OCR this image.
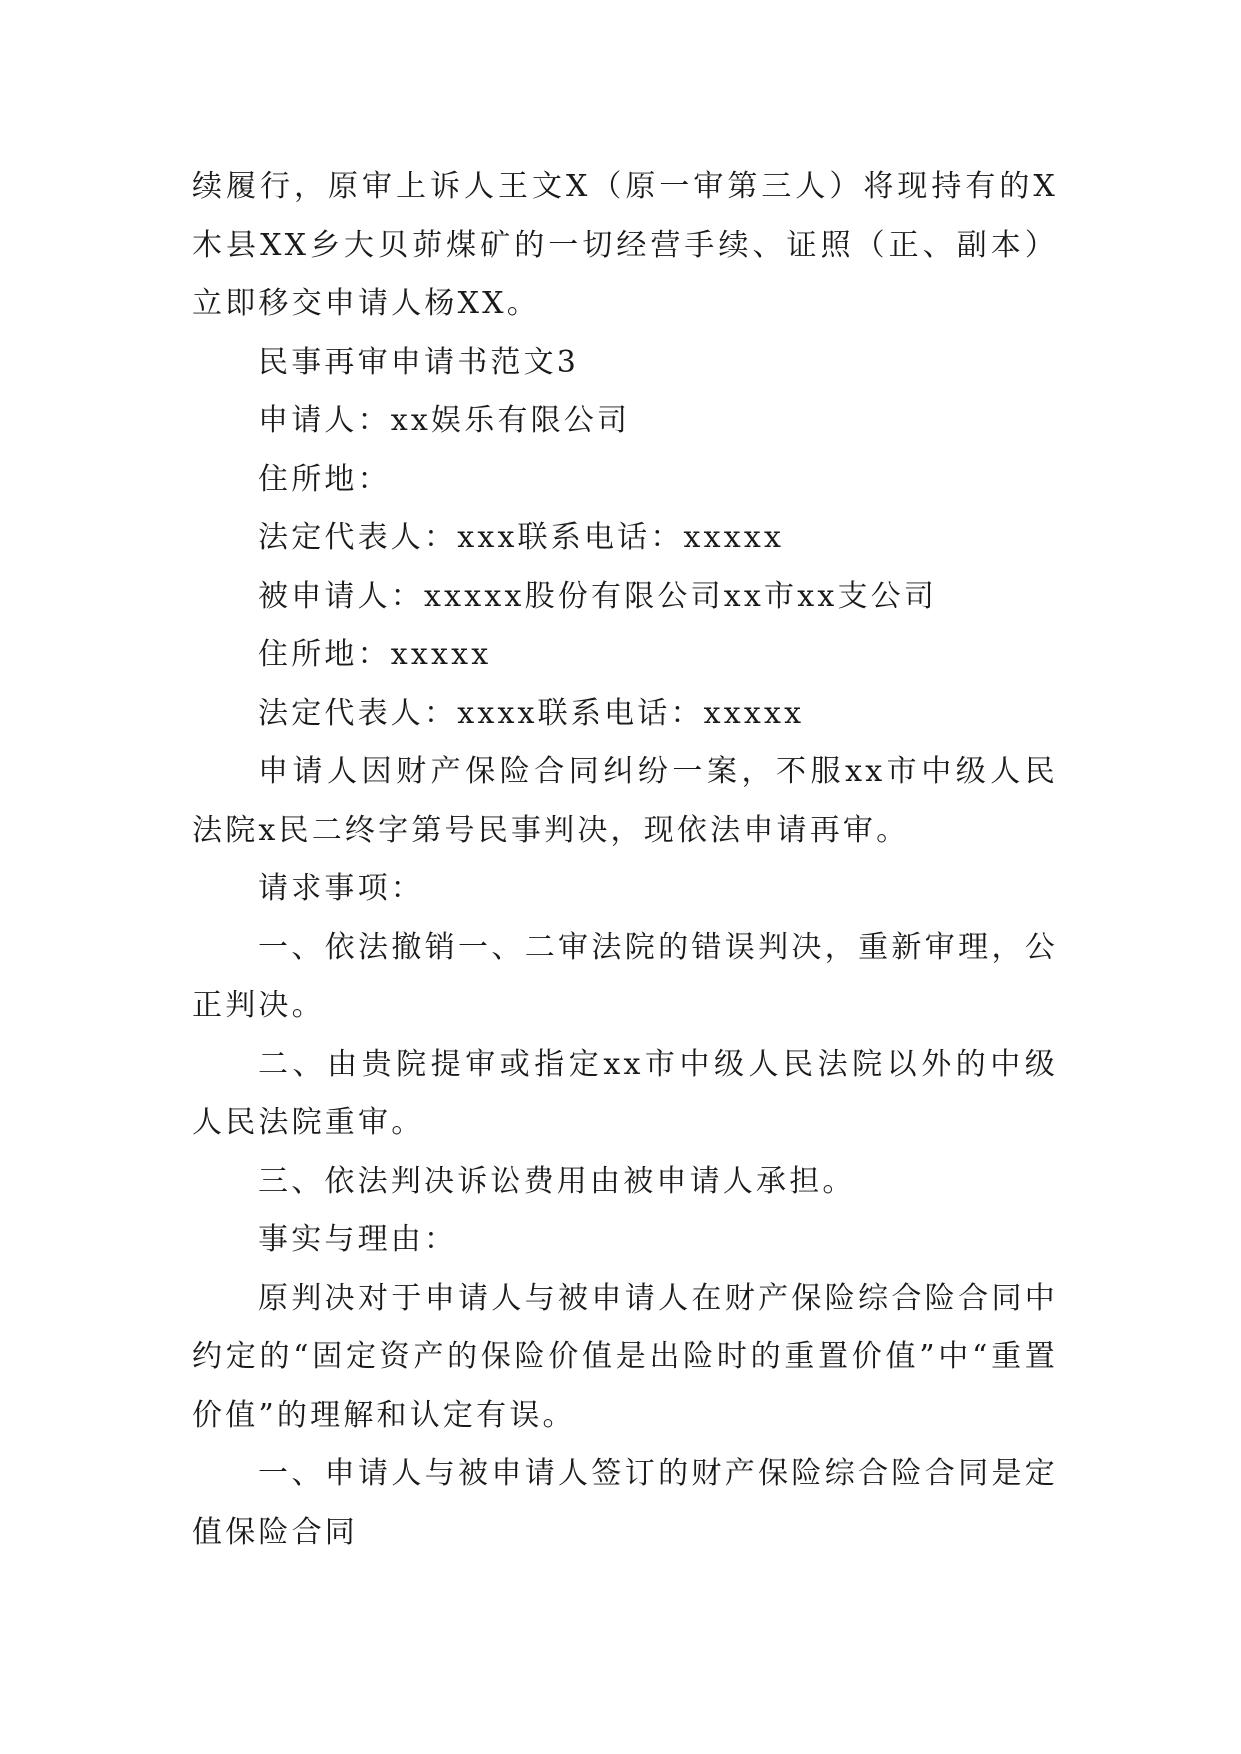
续履行，原审上诉人王文X（原一审第三人）将现持有的X木县XX乡大贝茆煤矿的一切经营手续、证照（正、副本）立即移交申请人杨XX。

民事再审申请书范文3

申请人：xx娱乐有限公司

住所地：

法定代表人：xxx联系电话：xxxxx

被申请人：xxxxx股份有限公司xx市xx支公司

住所地：xxxxx

法定代表人：xxxx联系电话：xxxxx

申请人因财产保险合同纠纷一案，不服xx市中级人民法院x民二终字第号民事判决，现依法申请再审。

请求事项：

一、依法撤销一、二审法院的错误判决，重新审理，公正判决。

二、由贵院提审或指定xx市中级人民法院以外的中级人民法院重审。

三、依法判决诉讼费用由被申请人承担。

事实与理由：

原判决对于申请人与被申请人在财产保险综合险合同中约定的“固定资产的保险价值是出险时的重置价值”中“重置价值”的理解和认定有误。

一、申请人与被申请人签订的财产保险综合险合同是定值保险合同
